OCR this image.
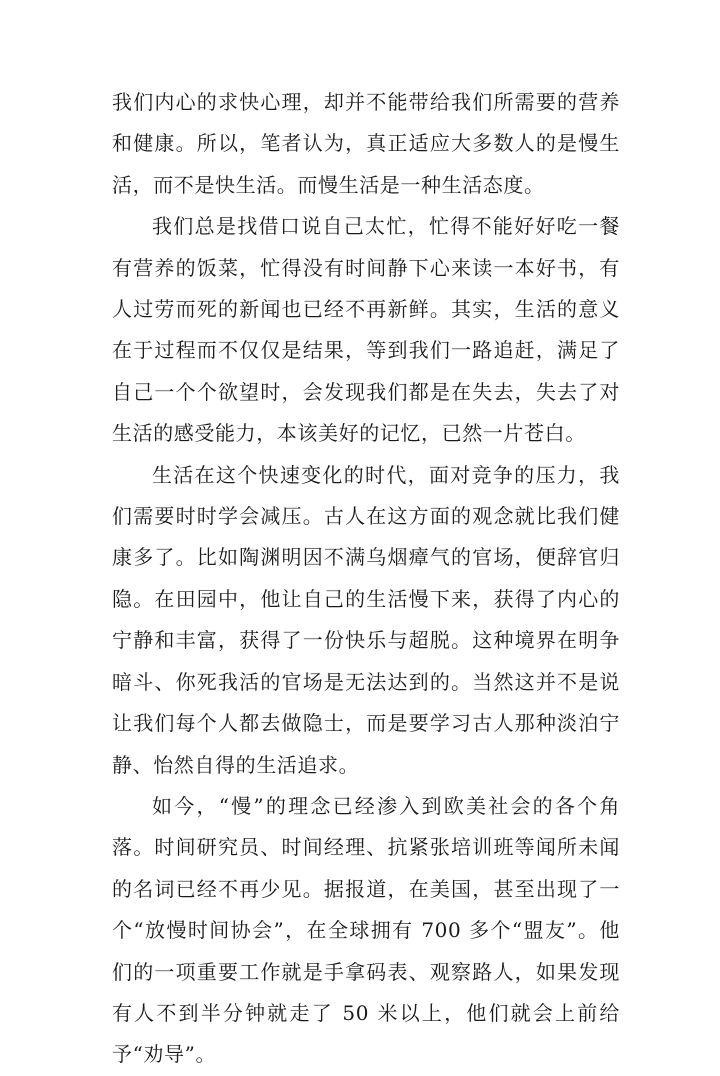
我们内心的求快心理，却并不能带给我们所需要的营养和健康。所以，笔者认为，真正适应大多数人的是慢生活，而不是快生活。而慢生活是一种生活态度。

我们总是找借口说自己太忙，忙得不能好好吃一餐有营养的饭菜，忙得没有时间静下心来读一本好书，有人过劳而死的新闻也已经不再新鲜。其实，生活的意义在于过程而不仅仅是结果，等到我们一路追赶，满足了自己一个个欲望时，会发现我们都是在失去，失去了对生活的感受能力，本该美好的记忆，已然一片苍白。

生活在这个快速变化的时代，面对竞争的压力，我们需要时时学会减压。古人在这方面的观念就比我们健康多了。比如陶渊明因不满乌烟瘴气的官场，便辞官归隐。在田园中，他让自己的生活慢下来，获得了内心的宁静和丰富，获得了一份快乐与超脱。这种境界在明争暗斗、你死我活的官场是无法达到的。当然这并不是说让我们每个人都去做隐士，而是要学习古人那种淡泊宁静、怡然自得的生活追求。

如今，“慢”的理念已经渗入到欧美社会的各个角落。时间研究员、时间经理、抗紧张培训班等闻所未闻的名词已经不再少见。据报道，在美国，甚至出现了一个“放慢时间协会”，在全球拥有 700 多个“盟友”。他们的一项重要工作就是手拿码表、观察路人，如果发现有人不到半分钟就走了 50 米以上，他们就会上前给予“劝导”。
